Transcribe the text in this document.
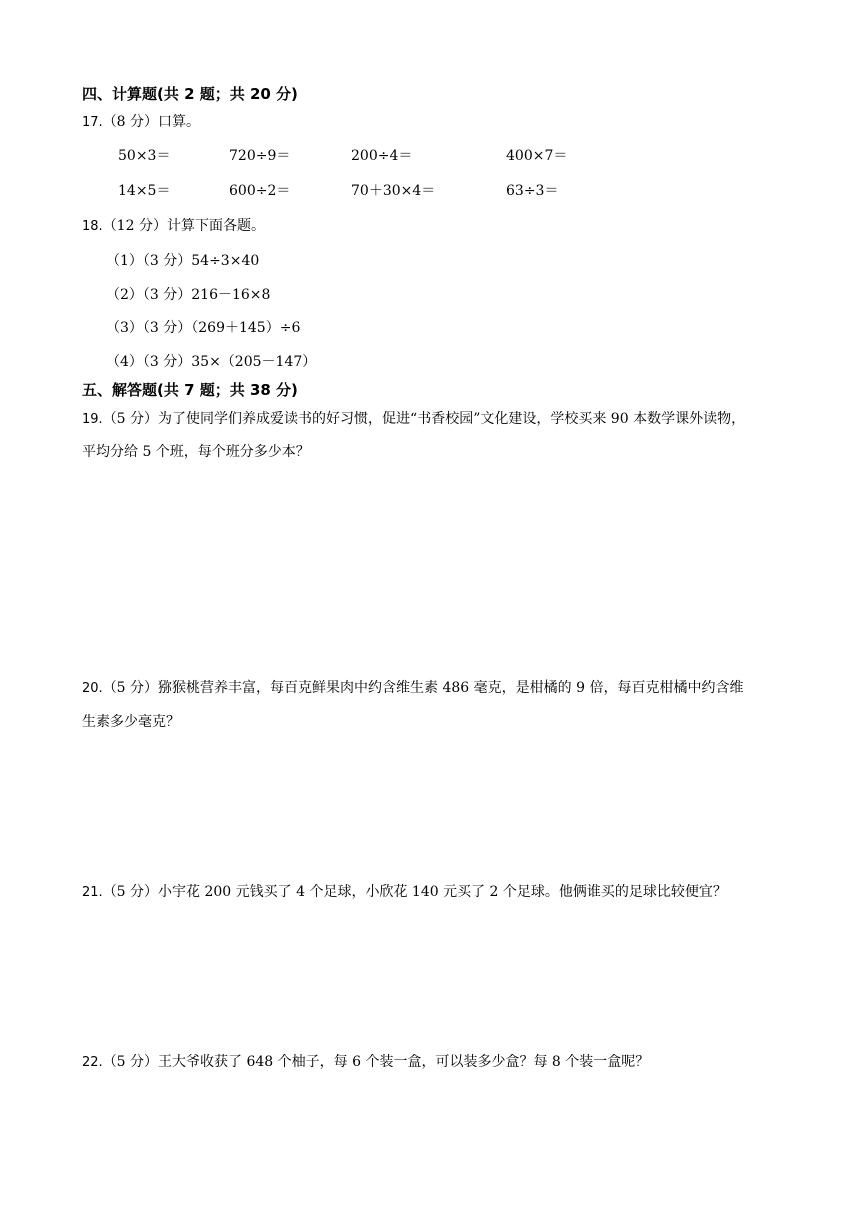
四、计算题(共 2 题；共 20 分)
17.（8 分）口算。
50×3＝	720÷9＝	200÷4＝	400×7＝
14×5＝	600÷2＝	70＋30×4＝	63÷3＝
18.（12 分）计算下面各题。
（1）（3 分）54÷3×40
（2）（3 分）216－16×8
（3）（3 分）（269＋145）÷6
（4）（3 分）35×（205－147）
五、解答题(共 7 题；共 38 分)
19.（5 分）为了使同学们养成爱读书的好习惯，促进“书香校园”文化建设，学校买来 90 本数学课外读物，
平均分给 5 个班，每个班分多少本？
20.（5 分）猕猴桃营养丰富，每百克鲜果肉中约含维生素 486 毫克，是柑橘的 9 倍，每百克柑橘中约含维
生素多少毫克？
21.（5 分）小宇花 200 元钱买了 4 个足球，小欣花 140 元买了 2 个足球。他俩谁买的足球比较便宜？
22.（5 分）王大爷收获了 648 个柚子，每 6 个装一盒，可以装多少盒？每 8 个装一盒呢？
